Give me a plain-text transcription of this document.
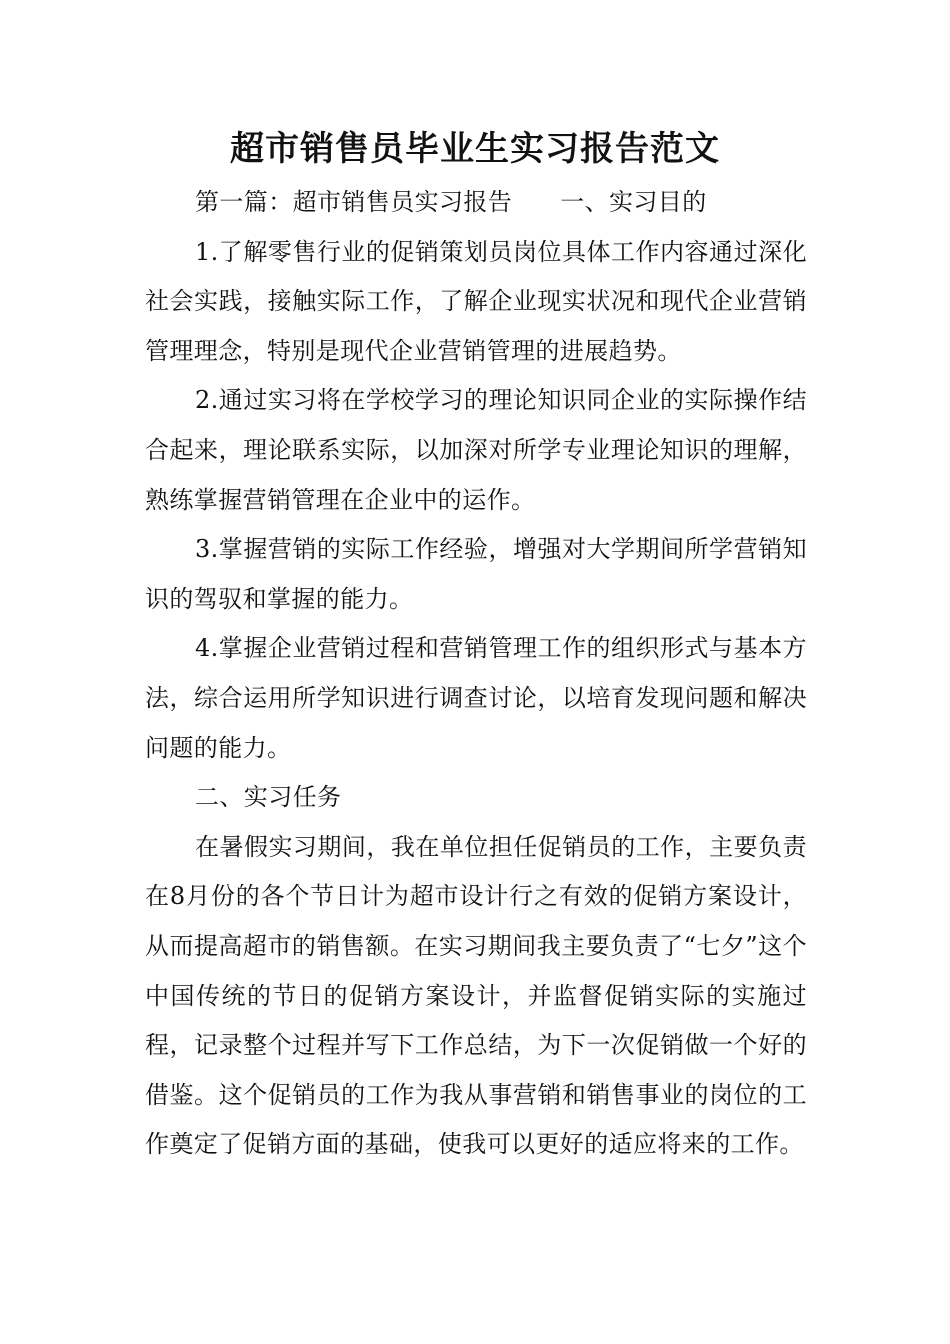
超市销售员毕业生实习报告范文

第一篇：超市销售员实习报告 一、实习目的

1.了解零售行业的促销策划员岗位具体工作内容通过深化社会实践，接触实际工作，了解企业现实状况和现代企业营销管理理念，特别是现代企业营销管理的进展趋势。

2.通过实习将在学校学习的理论知识同企业的实际操作结合起来，理论联系实际，以加深对所学专业理论知识的理解，熟练掌握营销管理在企业中的运作。

3.掌握营销的实际工作经验，增强对大学期间所学营销知识的驾驭和掌握的能力。

4.掌握企业营销过程和营销管理工作的组织形式与基本方法，综合运用所学知识进行调查讨论，以培育发现问题和解决问题的能力。

二、实习任务

在暑假实习期间，我在单位担任促销员的工作，主要负责在8月份的各个节日计为超市设计行之有效的促销方案设计，从而提高超市的销售额。在实习期间我主要负责了“七夕”这个中国传统的节日的促销方案设计，并监督促销实际的实施过程，记录整个过程并写下工作总结，为下一次促销做一个好的借鉴。这个促销员的工作为我从事营销和销售事业的岗位的工作奠定了促销方面的基础，使我可以更好的适应将来的工作。
